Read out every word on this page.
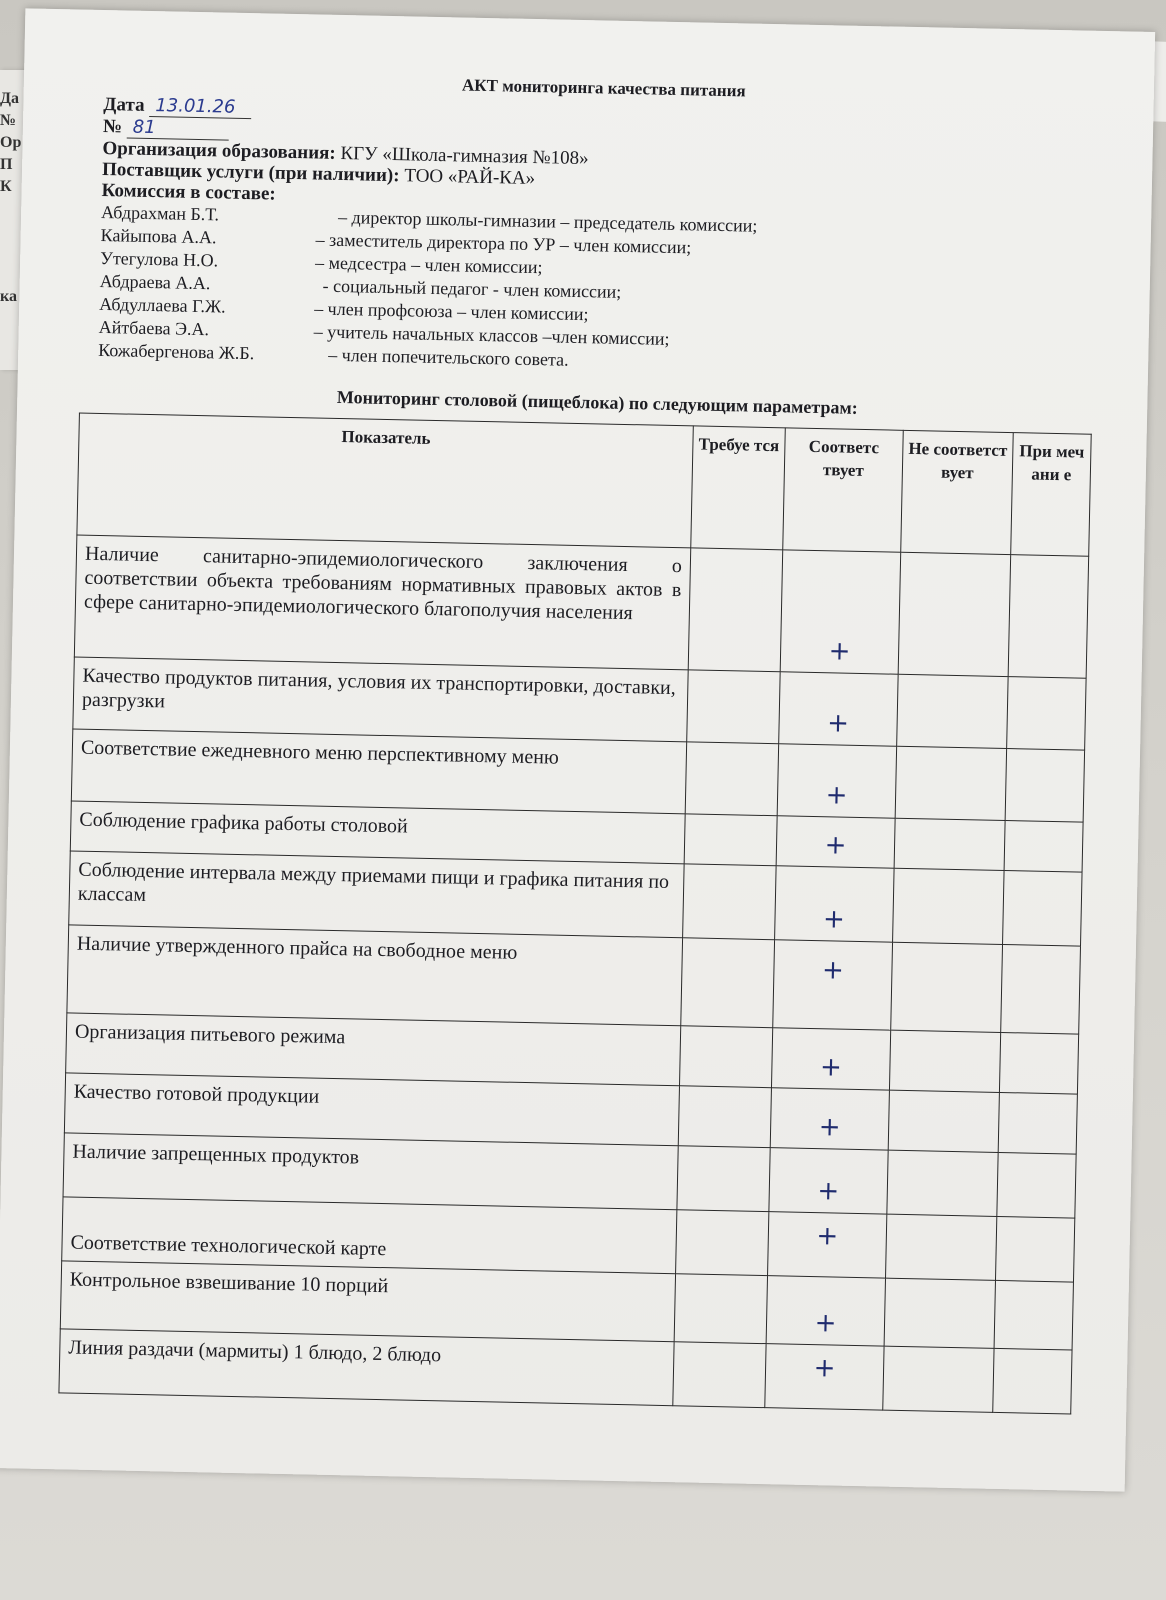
Да
№
Ор
П
К
ка
АКТ мониторинга качества питания
Дата 13.01.26
№ 81
Организация образования: КГУ «Школа-гимназия №108»
Поставщик услуги (при наличии): ТОО «РАЙ-КА»
Комиссия в составе:
Абдрахман Б.Т.	– директор школы-гимназии – председатель комиссии;
Кайыпова А.А.	– заместитель директора по УР – член комиссии;
Утегулова Н.О.	– медсестра – член комиссии;
Абдраева А.А.	- социальный педагог - член комиссии;
Абдуллаева Г.Ж.	– член профсоюза – член комиссии;
Айтбаева Э.А.	– учитель начальных классов –член комиссии;
Кожабергенова Ж.Б.	– член попечительского совета.
Мониторинг столовой (пищеблока) по следующим параметрам:
Показатель	Требуе тся	Соответс твует	Не соответст вует	При меч ани е
Наличие санитарно-эпидемиологического заключения о соответствии объекта требованиям нормативных правовых актов в сфере санитарно-эпидемиологического благополучия населения		+		
Качество продуктов питания, условия их транспортировки, доставки, разгрузки		+		
Соответствие ежедневного меню перспективному меню		+		
Соблюдение графика работы столовой		+		
Соблюдение интервала между приемами пищи и графика питания по классам		+		
Наличие утвержденного прайса на свободное меню		+		
Организация питьевого режима		+		
Качество готовой продукции		+		
Наличие запрещенных продуктов		+		
Соответствие технологической карте		+		
Контрольное взвешивание 10 порций		+		
Линия раздачи (мармиты) 1 блюдо, 2 блюдо		+		
